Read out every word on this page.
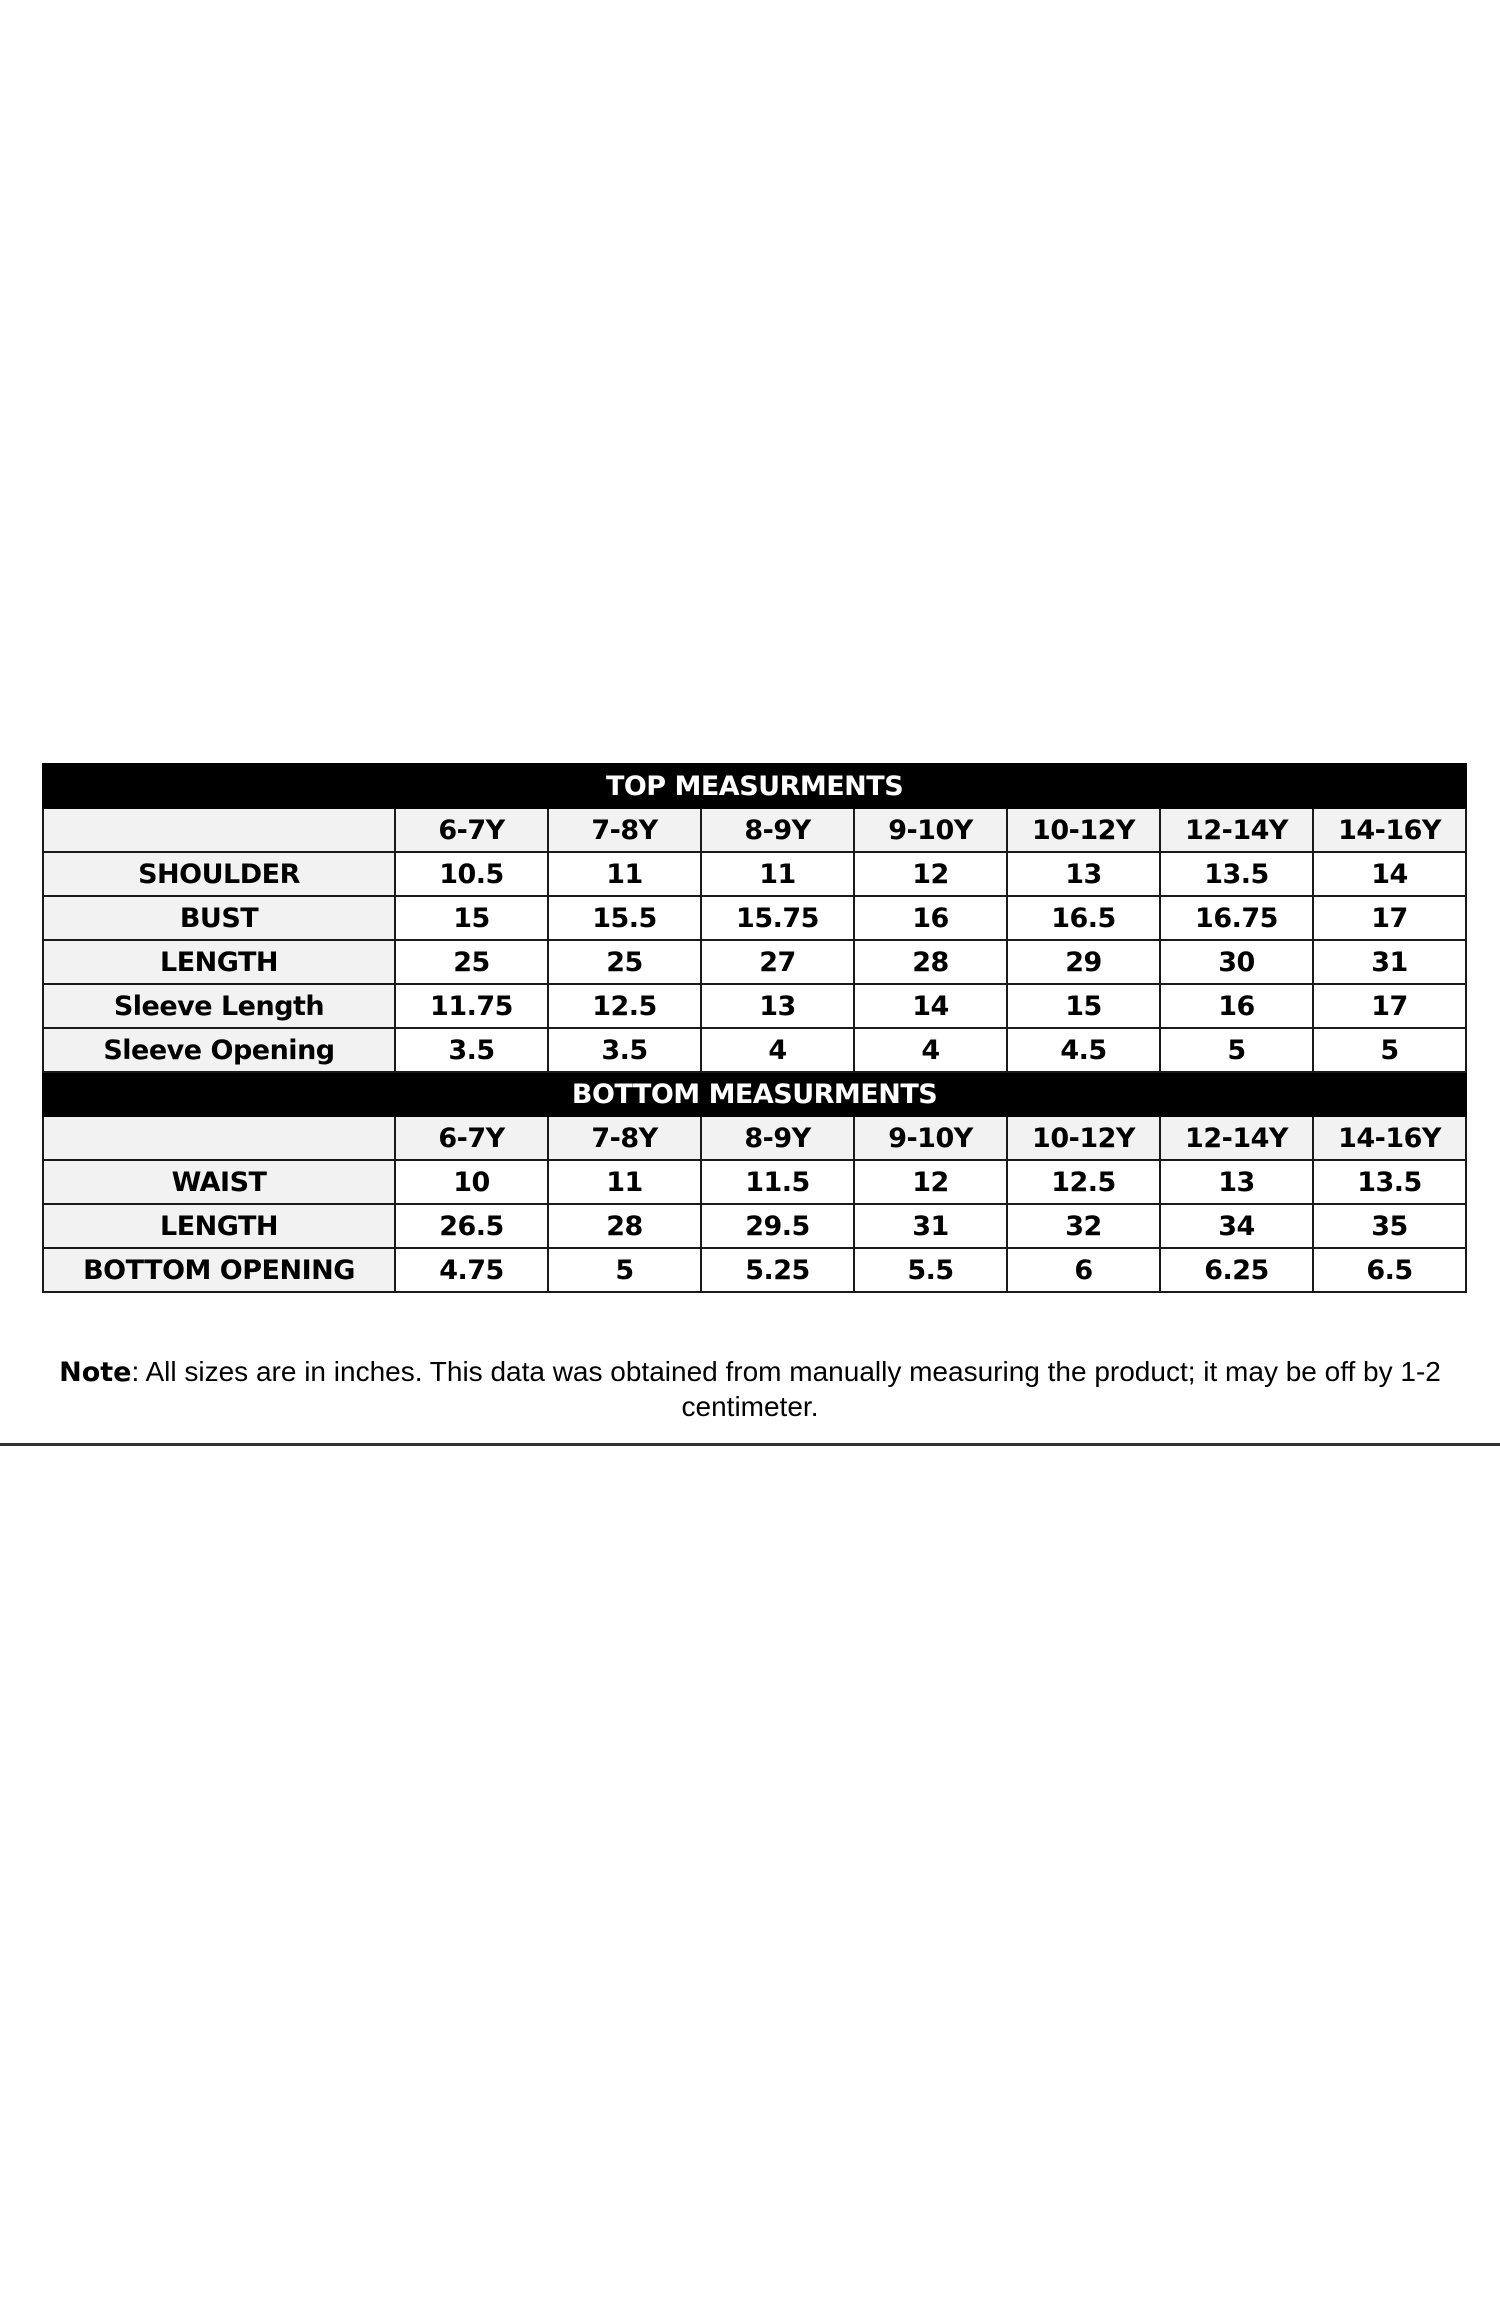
TOP MEASURMENTS							
	6-7Y	7-8Y	8-9Y	9-10Y	10-12Y	12-14Y	14-16Y
SHOULDER	10.5	11	11	12	13	13.5	14
BUST	15	15.5	15.75	16	16.5	16.75	17
LENGTH	25	25	27	28	29	30	31
Sleeve Length	11.75	12.5	13	14	15	16	17
Sleeve Opening	3.5	3.5	4	4	4.5	5	5
BOTTOM MEASURMENTS							
	6-7Y	7-8Y	8-9Y	9-10Y	10-12Y	12-14Y	14-16Y
WAIST	10	11	11.5	12	12.5	13	13.5
LENGTH	26.5	28	29.5	31	32	34	35
BOTTOM OPENING	4.75	5	5.25	5.5	6	6.25	6.5
Note: All sizes are in inches. This data was obtained from manually measuring the product; it may be off by 1-2 centimeter.
